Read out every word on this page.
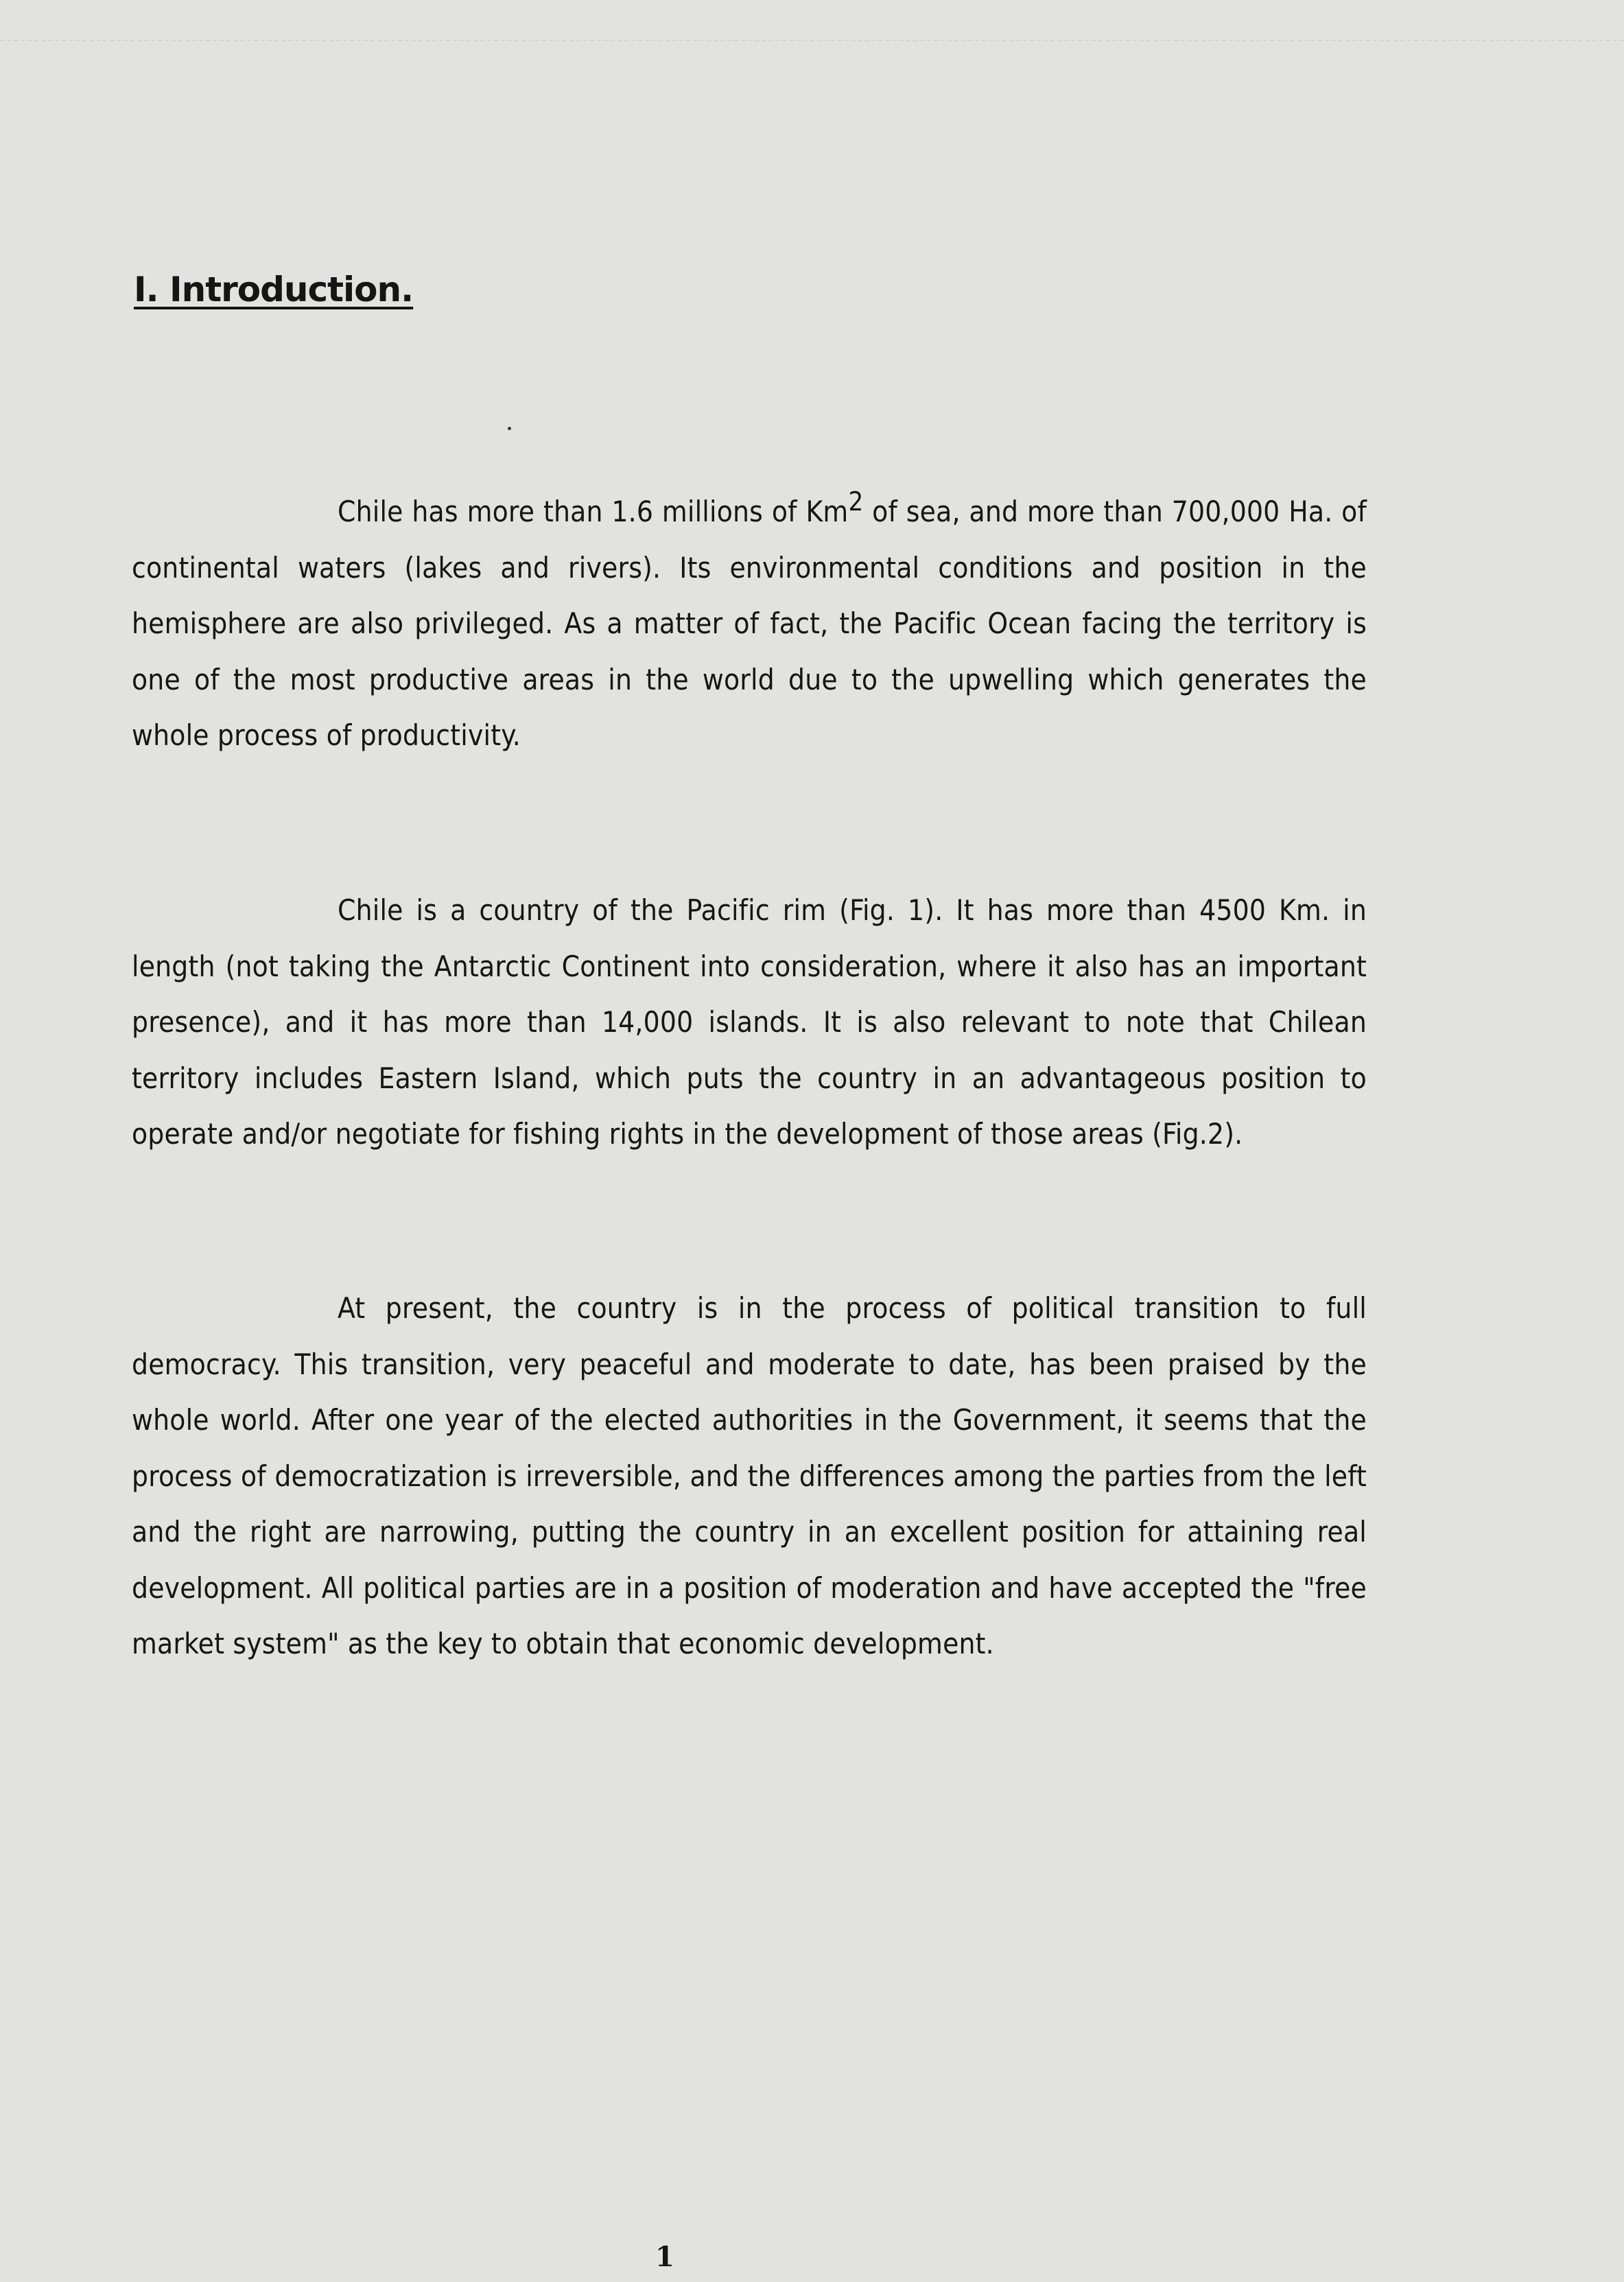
I. Introduction.

Chile has more than 1.6 millions of Km$^2$ of sea, and more than 700,000 Ha. of continental waters (lakes and rivers). Its environmental conditions and position in the hemisphere are also privileged. As a matter of fact, the Pacific Ocean facing the territory is one of the most productive areas in the world due to the upwelling which generates the whole process of productivity.

Chile is a country of the Pacific rim (Fig. 1). It has more than 4500 Km. in length (not taking the Antarctic Continent into consideration, where it also has an important presence), and it has more than 14,000 islands. It is also relevant to note that Chilean territory includes Eastern Island, which puts the country in an advantageous position to operate and/or negotiate for fishing rights in the development of those areas (Fig.2).

At present, the country is in the process of political transition to full democracy. This transition, very peaceful and moderate to date, has been praised by the whole world. After one year of the elected authorities in the Government, it seems that the process of democratization is irreversible, and the differences among the parties from the left and the right are narrowing, putting the country in an excellent position for attaining real development. All political parties are in a position of moderation and have accepted the "free market system" as the key to obtain that economic development.

1
